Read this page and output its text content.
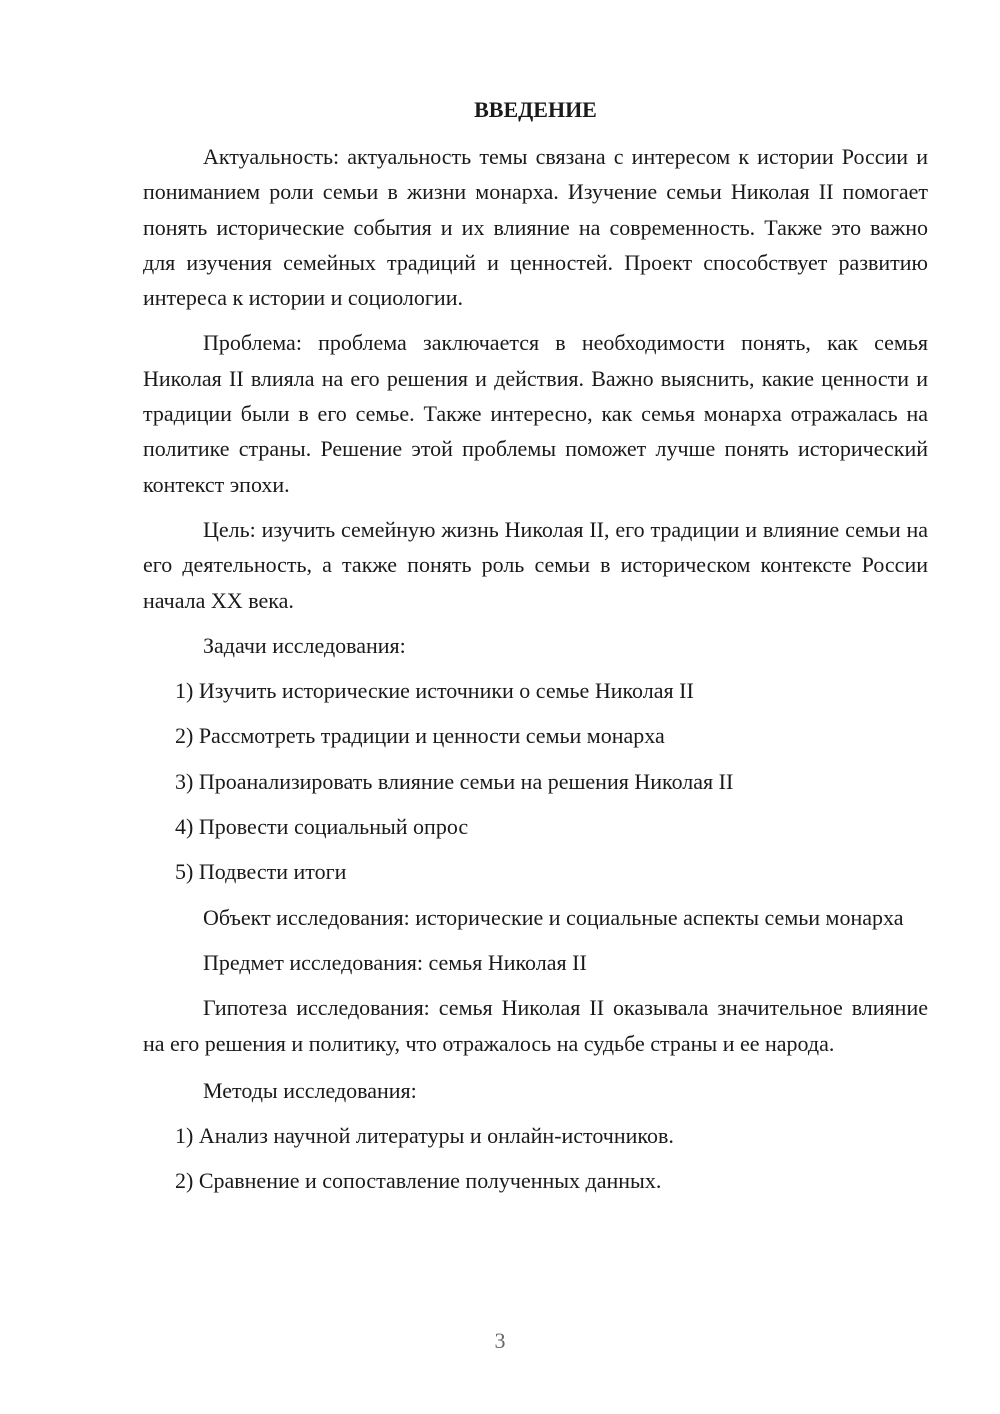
ВВЕДЕНИЕ

Актуальность: актуальность темы связана с интересом к истории России и пониманием роли семьи в жизни монарха. Изучение семьи Николая II помогает понять исторические события и их влияние на современность. Также это важно для изучения семейных традиций и ценностей. Проект способствует развитию интереса к истории и социологии.

Проблема: проблема заключается в необходимости понять, как семья Николая II влияла на его решения и действия. Важно выяснить, какие ценности и традиции были в его семье. Также интересно, как семья монарха отражалась на политике страны. Решение этой проблемы поможет лучше понять исторический контекст эпохи.

Цель: изучить семейную жизнь Николая II, его традиции и влияние семьи на его деятельность, а также понять роль семьи в историческом контексте России начала XX века.

Задачи исследования:

1) Изучить исторические источники о семье Николая II

2) Рассмотреть традиции и ценности семьи монарха

3) Проанализировать влияние семьи на решения Николая II

4) Провести социальный опрос

5) Подвести итоги

Объект исследования: исторические и социальные аспекты семьи монарха

Предмет исследования: семья Николая II

Гипотеза исследования: семья Николая II оказывала значительное влияние на его решения и политику, что отражалось на судьбе страны и ее народа.

Методы исследования:

1) Анализ научной литературы и онлайн-источников.

2) Сравнение и сопоставление полученных данных.

3
